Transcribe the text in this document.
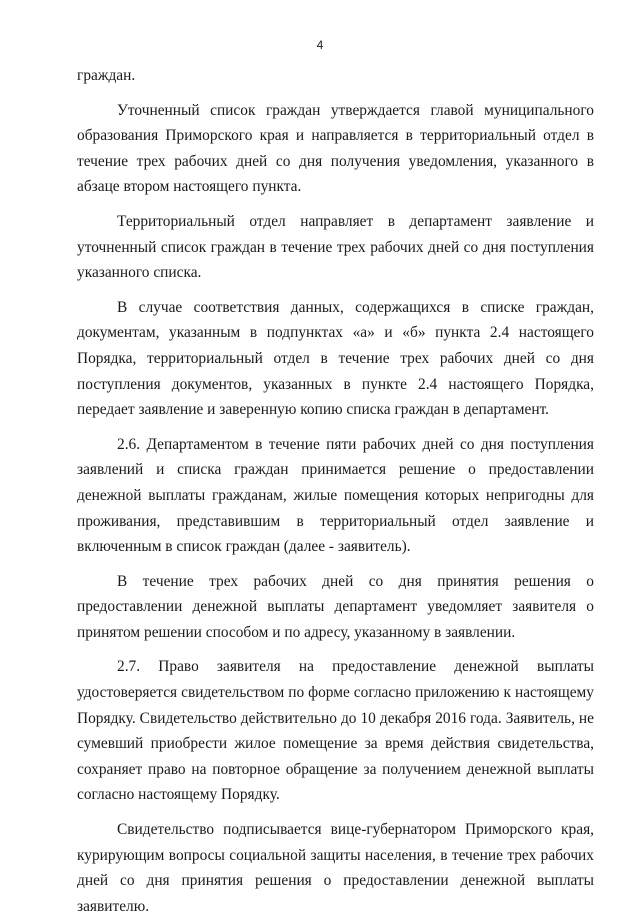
4

граждан.

Уточненный список граждан утверждается главой муниципального образования Приморского края и направляется в территориальный отдел в течение трех рабочих дней со дня получения уведомления, указанного в абзаце втором настоящего пункта.

Территориальный отдел направляет в департамент заявление и уточненный список граждан в течение трех рабочих дней со дня поступления указанного списка.

В случае соответствия данных, содержащихся в списке граждан, документам, указанным в подпунктах «а» и «б» пункта 2.4 настоящего Порядка, территориальный отдел в течение трех рабочих дней со дня поступления документов, указанных в пункте 2.4 настоящего Порядка, передает заявление и заверенную копию списка граждан в департамент.

2.6. Департаментом в течение пяти рабочих дней со дня поступления заявлений и списка граждан принимается решение о предоставлении денежной выплаты гражданам, жилые помещения которых непригодны для проживания, представившим в территориальный отдел заявление и включенным в список граждан (далее - заявитель).

В течение трех рабочих дней со дня принятия решения о предоставлении денежной выплаты департамент уведомляет заявителя о принятом решении способом и по адресу, указанному в заявлении.

2.7. Право заявителя на предоставление денежной выплаты удостоверяется свидетельством по форме согласно приложению к настоящему Порядку. Свидетельство действительно до 10 декабря 2016 года. Заявитель, не сумевший приобрести жилое помещение за время действия свидетельства, сохраняет право на повторное обращение за получением денежной выплаты согласно настоящему Порядку.

Свидетельство подписывается вице-губернатором Приморского края, курирующим вопросы социальной защиты населения, в течение трех рабочих дней со дня принятия решения о предоставлении денежной выплаты заявителю.
